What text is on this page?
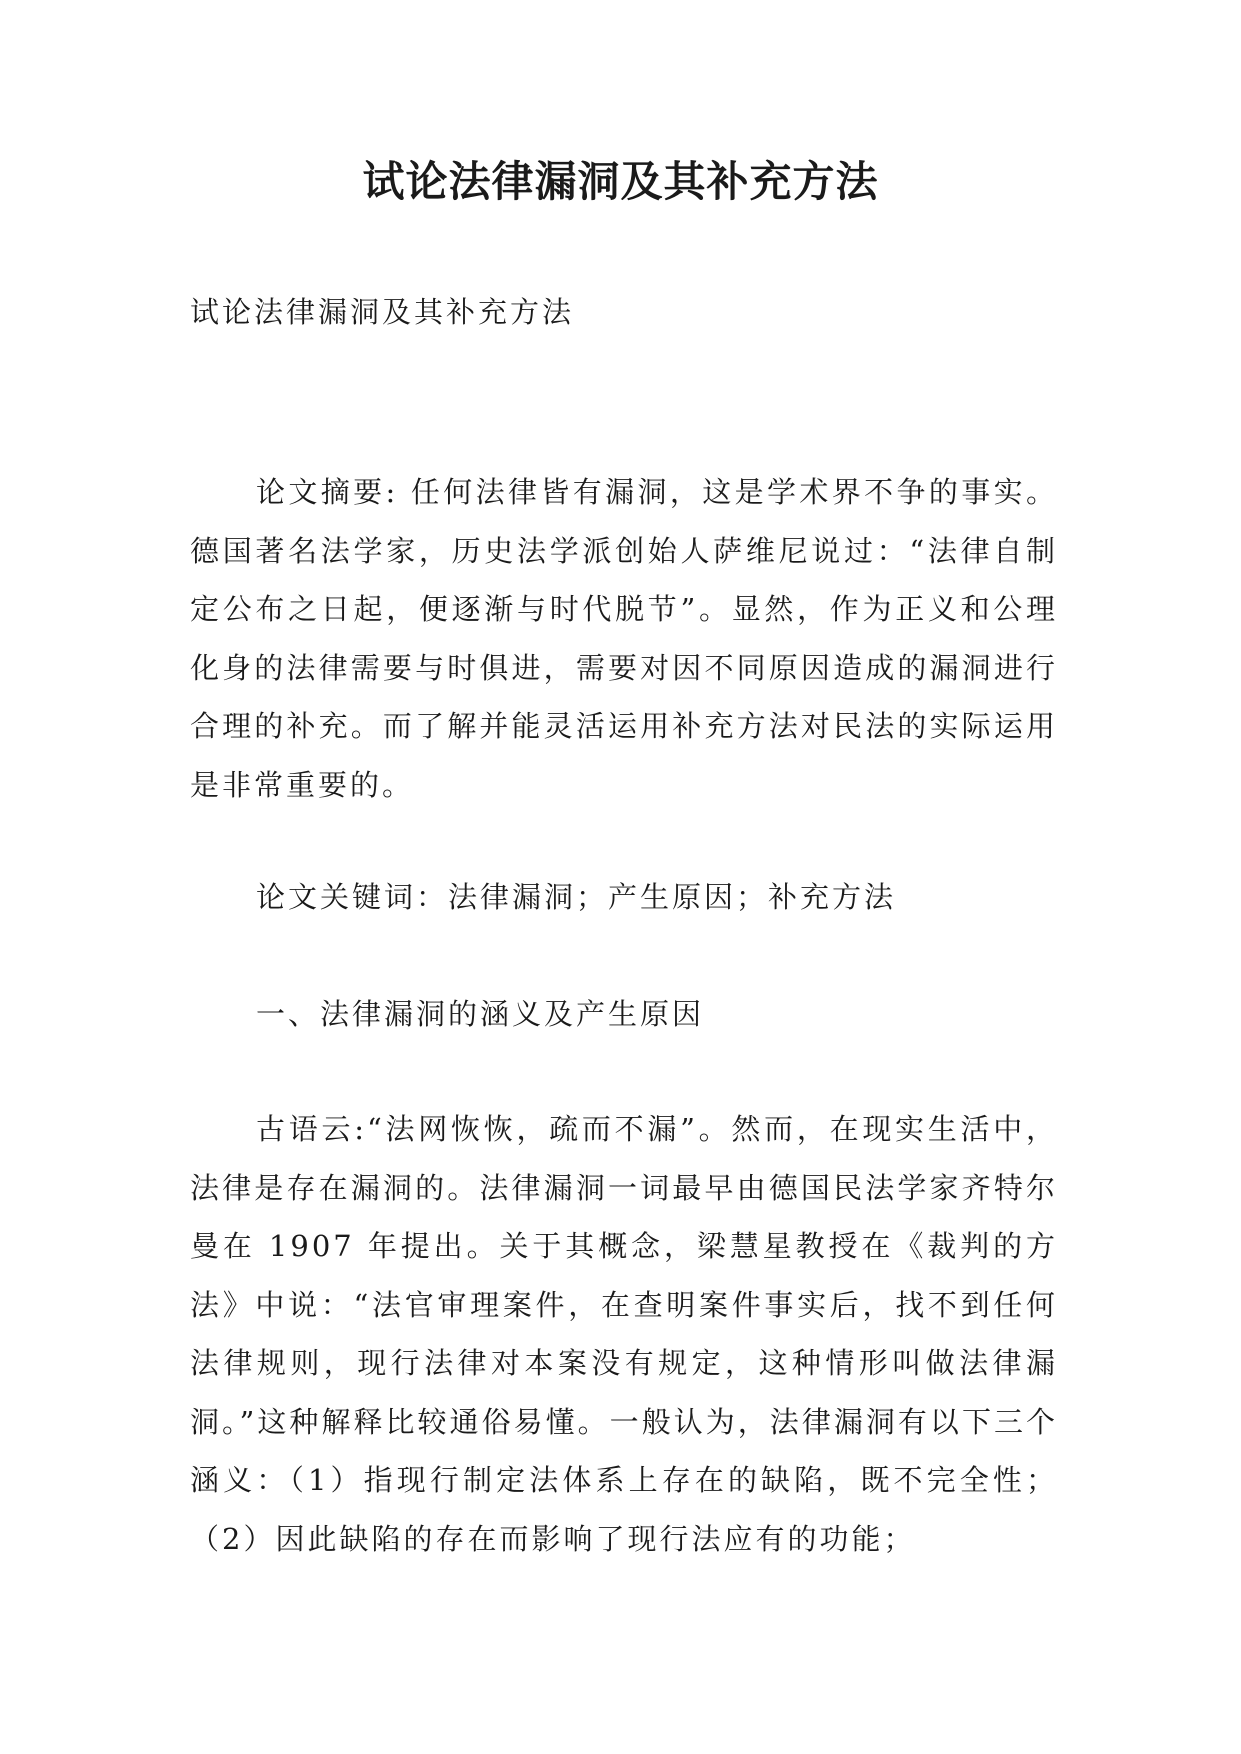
试论法律漏洞及其补充方法

试论法律漏洞及其补充方法

论文摘要: 任何法律皆有漏洞，这是学术界不争的事实。德国著名法学家，历史法学派创始人萨维尼说过：“法律自制定公布之日起，便逐渐与时代脱节”。显然，作为正义和公理化身的法律需要与时俱进，需要对因不同原因造成的漏洞进行合理的补充。而了解并能灵活运用补充方法对民法的实际运用是非常重要的。

论文关键词：法律漏洞；产生原因；补充方法

一、法律漏洞的涵义及产生原因

古语云:“法网恢恢，疏而不漏”。然而，在现实生活中，法律是存在漏洞的。法律漏洞一词最早由德国民法学家齐特尔曼在 1907 年提出。关于其概念，梁慧星教授在《裁判的方法》中说：“法官审理案件，在查明案件事实后，找不到任何法律规则，现行法律对本案没有规定，这种情形叫做法律漏洞。”这种解释比较通俗易懂。一般认为，法律漏洞有以下三个涵义：（1）指现行制定法体系上存在的缺陷，既不完全性；（2）因此缺陷的存在而影响了现行法应有的功能；
